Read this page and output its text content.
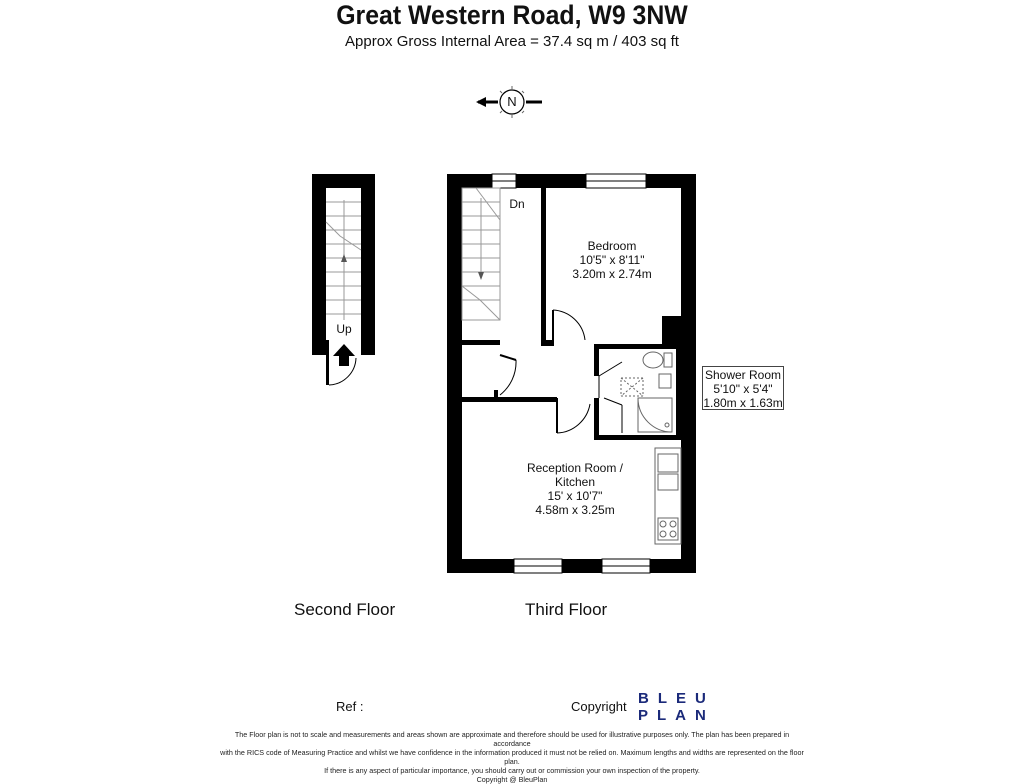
Great Western Road, W9 3NW
Approx Gross Internal Area = 37.4 sq m / 403 sq ft
Dn
Up
Bedroom
10'5" x 8'11"
3.20m x 2.74m
Shower Room
5'10" x 5'4"
1.80m x 1.63m
Reception Room /
Kitchen
15' x 10'7"
4.58m x 3.25m
Second Floor	Third Floor
Ref :	Copyright BLEU
PLAN
The Floor plan is not to scale and measurements and areas shown are approximate and therefore should be used for illustrative purposes only. The plan has been prepared in accordance
with the RICS code of Measuring Practice and whilst we have confidence in the information produced it must not be relied on. Maximum lengths and widths are represented on the floor plan.
If there is any aspect of particular importance, you should carry out or commission your own inspection of the property.
Copyright @ BleuPlan
N
